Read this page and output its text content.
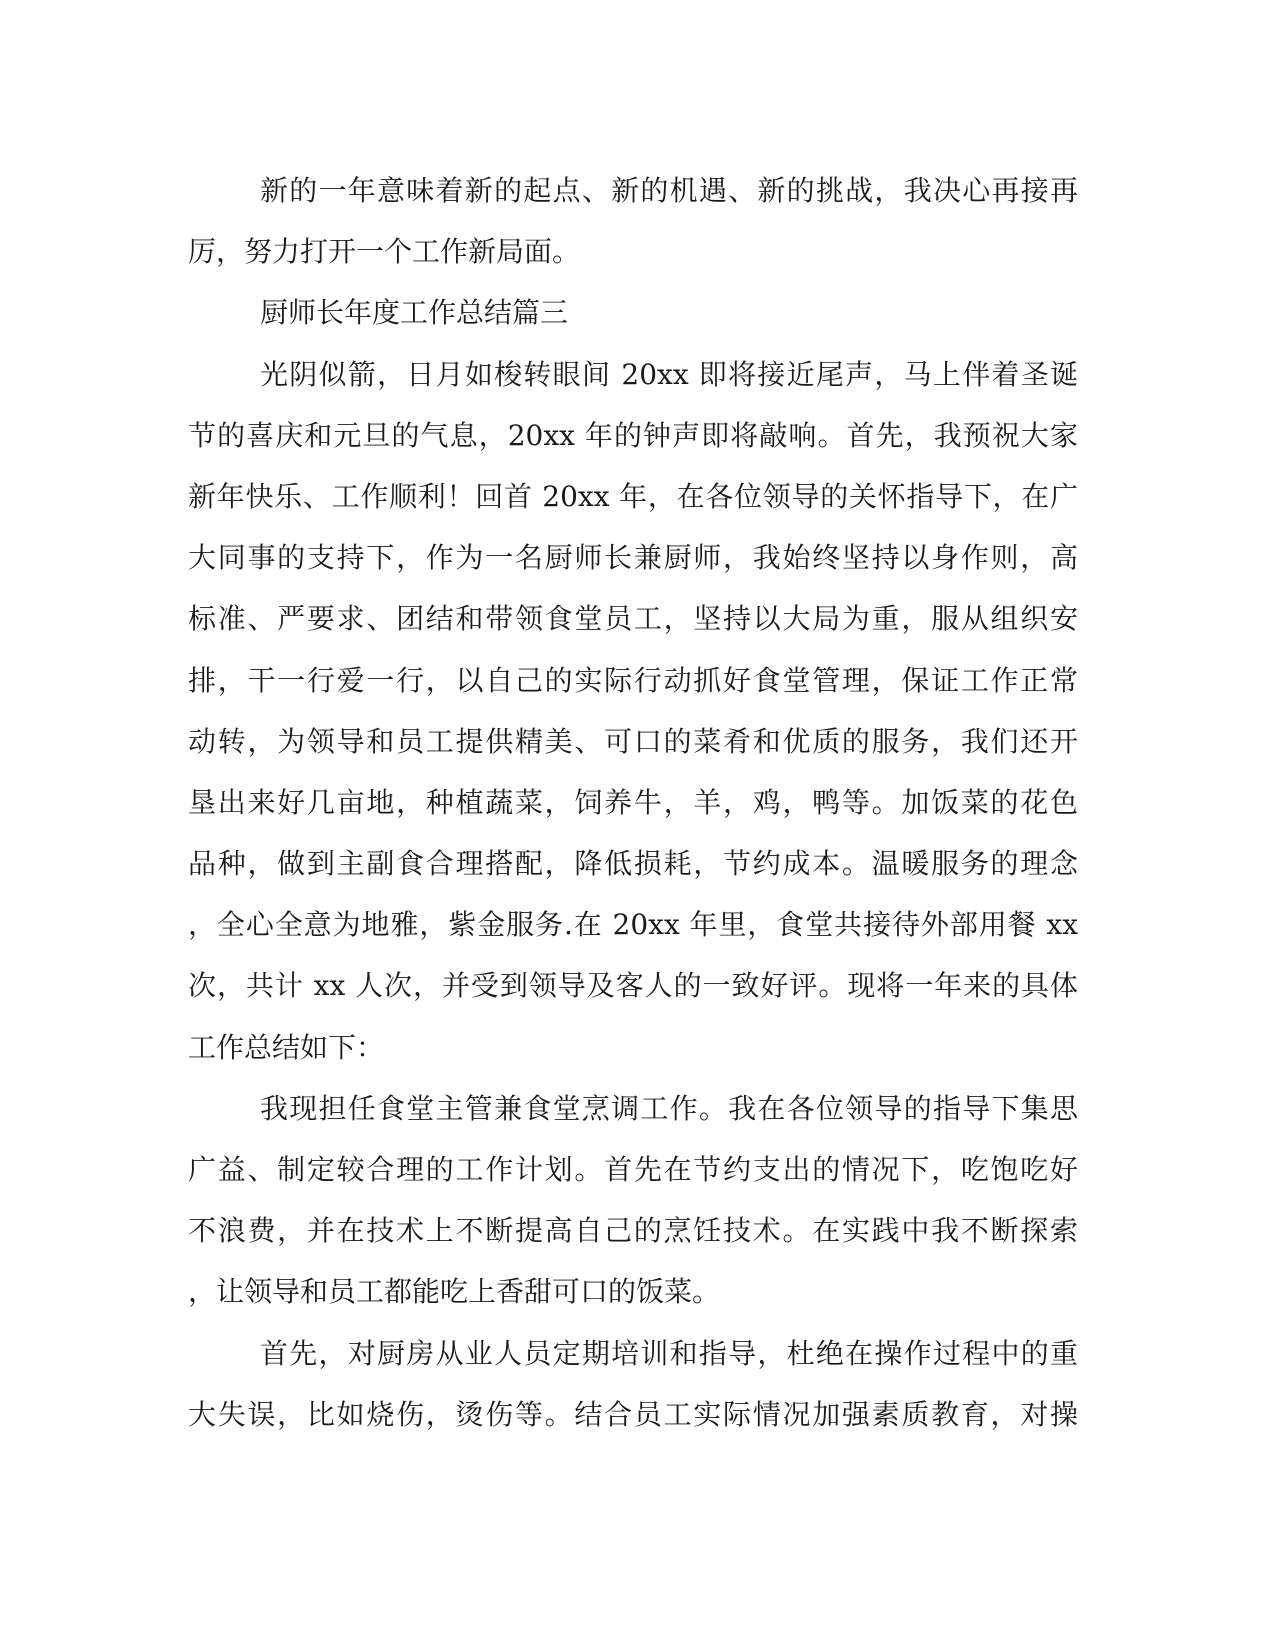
新的一年意味着新的起点、新的机遇、新的挑战，我决心再接再
厉，努力打开一个工作新局面。
厨师长年度工作总结篇三
光阴似箭，日月如梭转眼间 20xx 即将接近尾声，马上伴着圣诞
节的喜庆和元旦的气息，20xx 年的钟声即将敲响。首先，我预祝大家
新年快乐、工作顺利！回首 20xx 年，在各位领导的关怀指导下，在广
大同事的支持下，作为一名厨师长兼厨师，我始终坚持以身作则，高
标准、严要求、团结和带领食堂员工，坚持以大局为重，服从组织安
排，干一行爱一行，以自己的实际行动抓好食堂管理，保证工作正常
动转，为领导和员工提供精美、可口的菜肴和优质的服务，我们还开
垦出来好几亩地，种植蔬菜，饲养牛，羊，鸡，鸭等。加饭菜的花色
品种，做到主副食合理搭配，降低损耗，节约成本。温暖服务的理念
，全心全意为地雅，紫金服务.在 20xx 年里，食堂共接待外部用餐 xx
次，共计 xx 人次，并受到领导及客人的一致好评。现将一年来的具体
工作总结如下：
我现担任食堂主管兼食堂烹调工作。我在各位领导的指导下集思
广益、制定较合理的工作计划。首先在节约支出的情况下，吃饱吃好
不浪费，并在技术上不断提高自己的烹饪技术。在实践中我不断探索
，让领导和员工都能吃上香甜可口的饭菜。
首先，对厨房从业人员定期培训和指导，杜绝在操作过程中的重
大失误，比如烧伤，烫伤等。结合员工实际情况加强素质教育，对操
